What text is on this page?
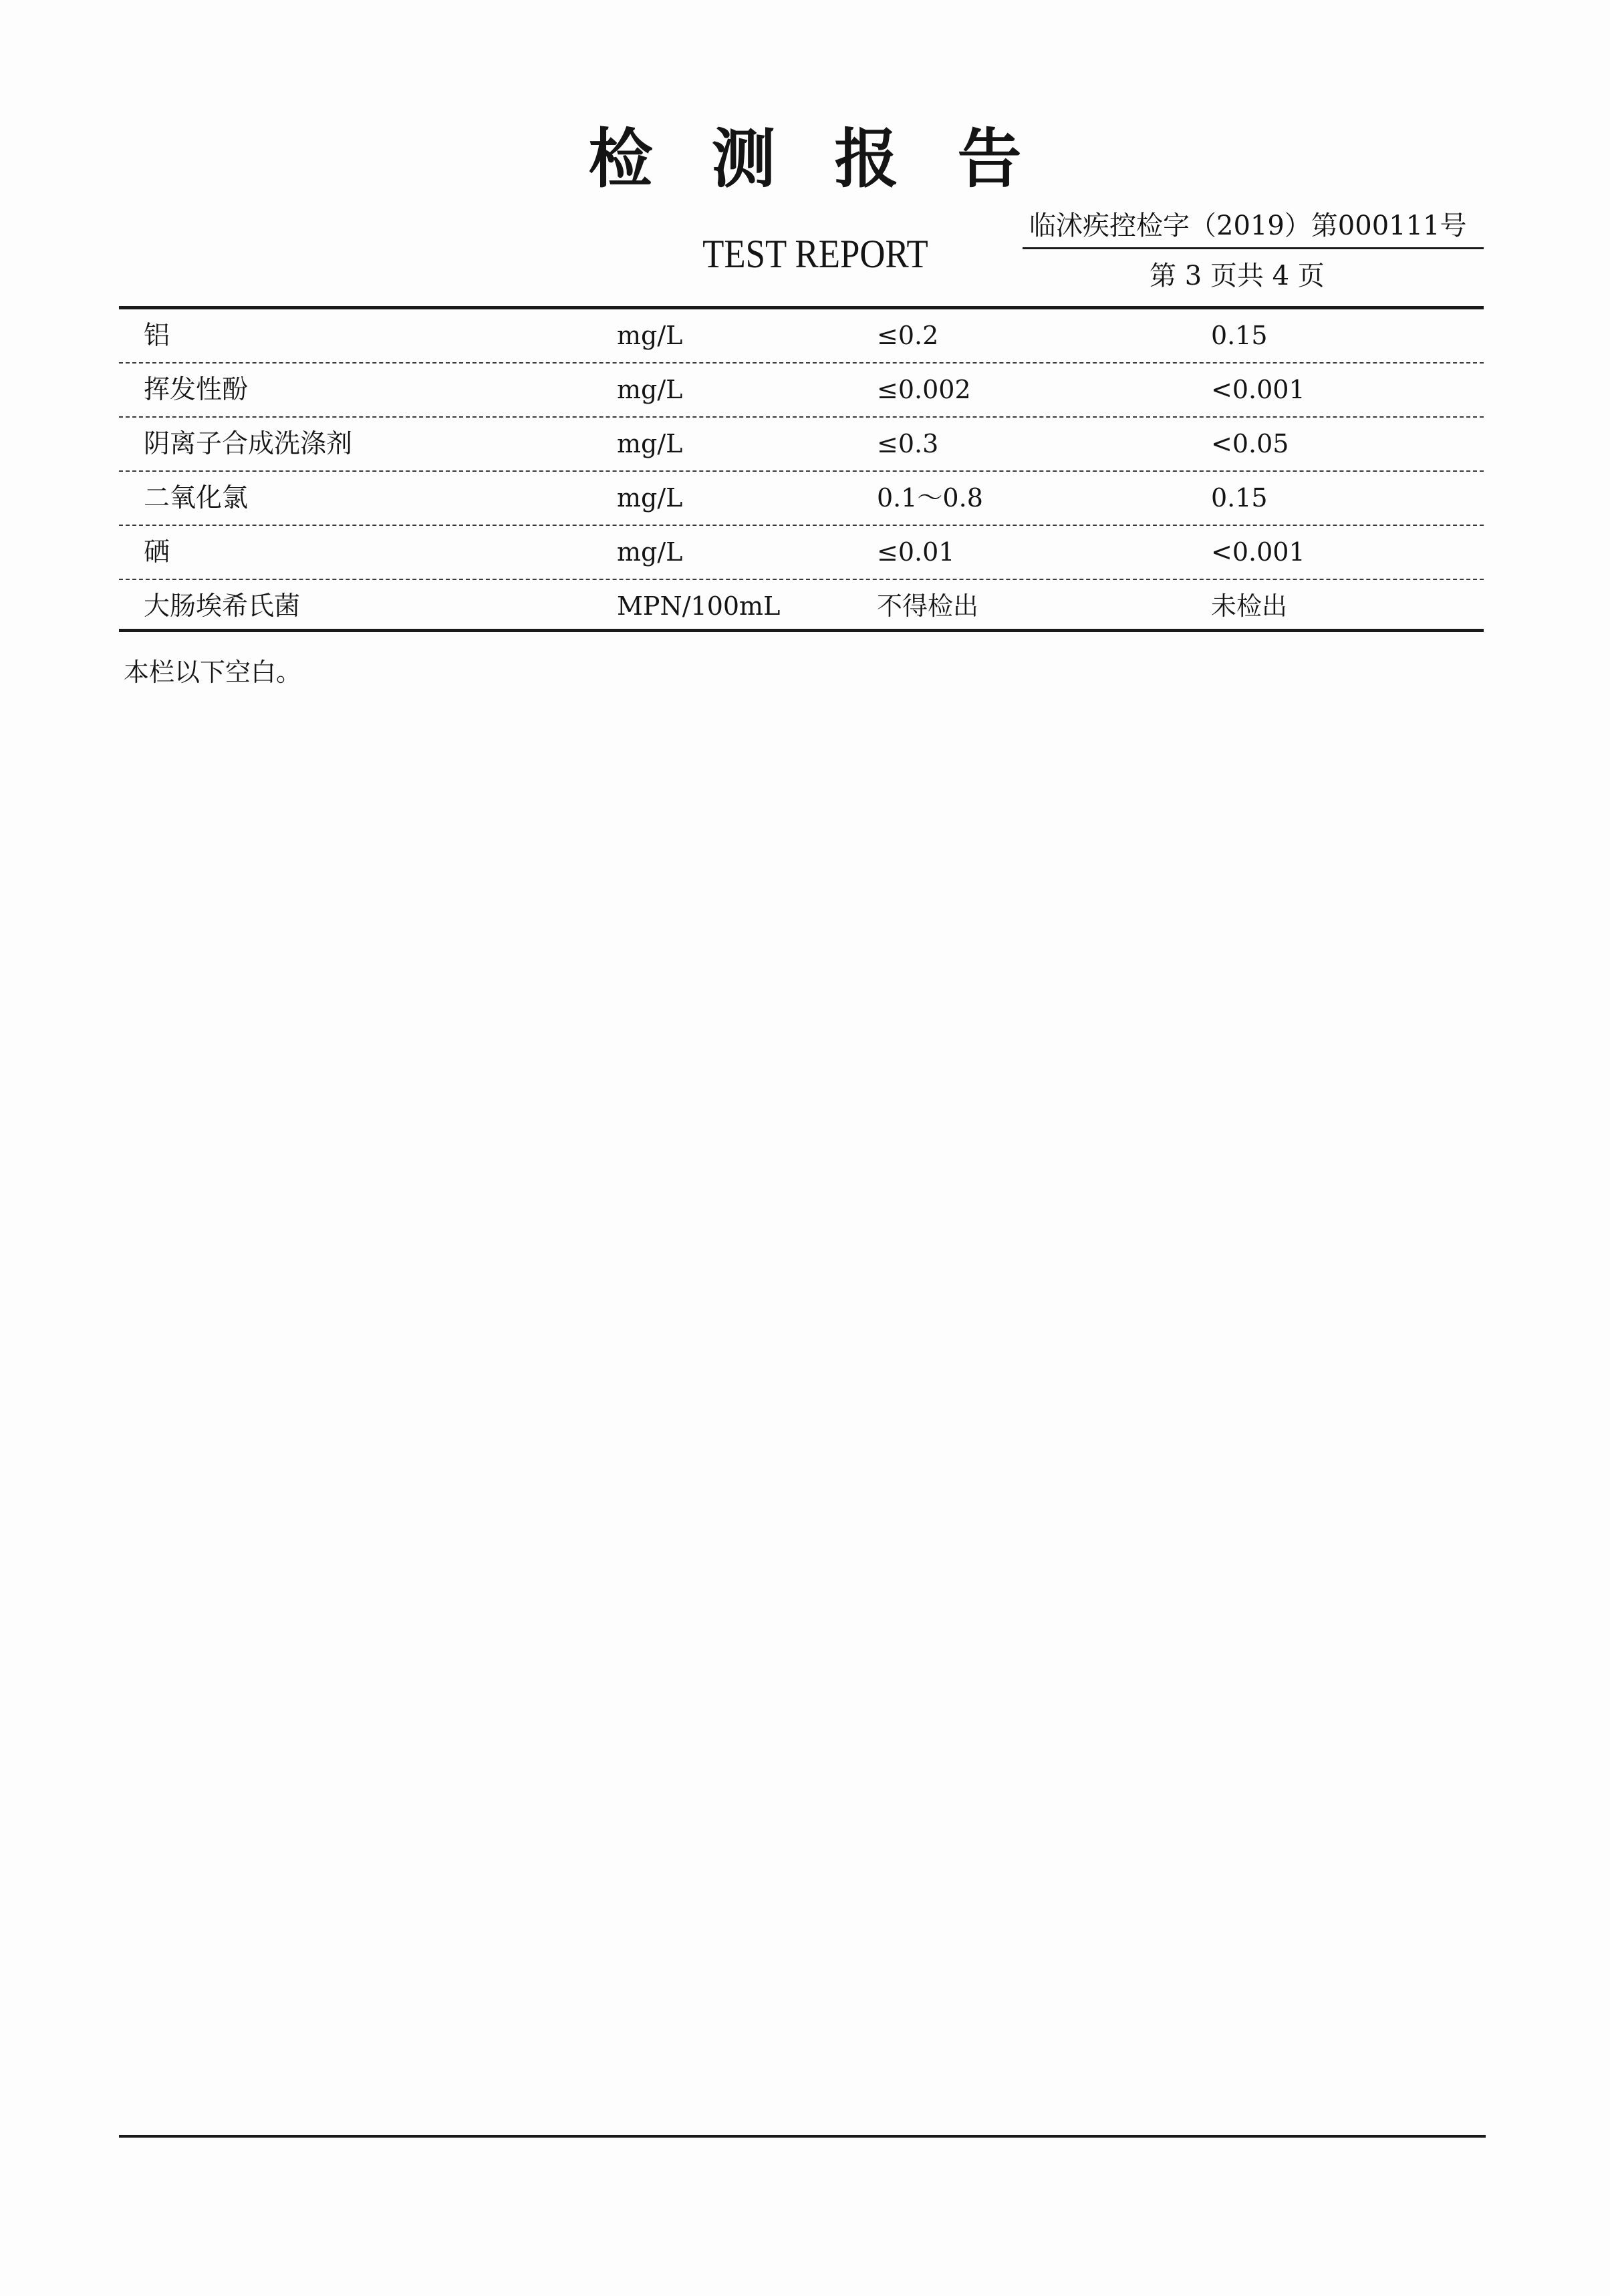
检测报告
TEST REPORT
临沭疾控检字（2019）第000111号
第 3 页共 4 页
铝	mg/L	≤0.2	0.15
挥发性酚	mg/L	≤0.002	<0.001
阴离子合成洗涤剂	mg/L	≤0.3	<0.05
二氧化氯	mg/L	0.1～0.8	0.15
硒	mg/L	≤0.01	<0.001
大肠埃希氏菌	MPN/100mL	不得检出	未检出
本栏以下空白。
